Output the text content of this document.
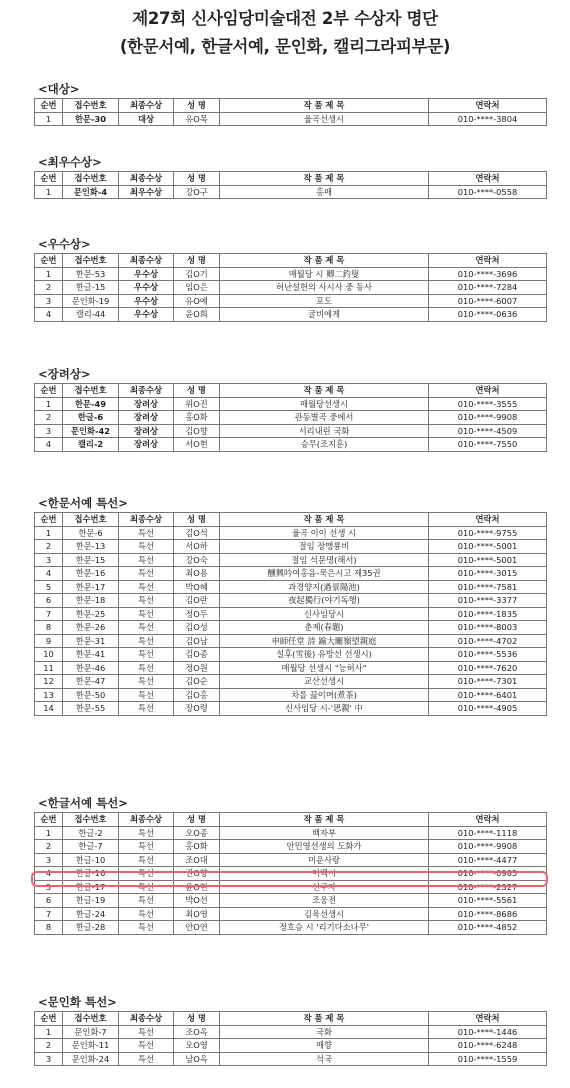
제27회 신사임당미술대전 2부 수상자 명단
(한문서예, 한글서예, 문인화, 캘리그라피부문)
<대상>
순번	접수번호	최종수상	성 명	작 품 제 목	연락처
1	한문-30	대상	유O목	율곡선생시	010-****-3804
<최우수상>
순번	접수번호	최종수상	성 명	작 품 제 목	연락처
1	문인화-4	최우수상	강O구	홍매	010-****-0558
<우수상>
순번	접수번호	최종수상	성 명	작 품 제 목	연락처
1	한문-53	우수상	김O기	매월당 시 卿二釣叟	010-****-3696
2	한글-15	우수상	임O은	허난설헌의 사시사 중 동사	010-****-7284
3	문인화-19	우수상	유O예	포도	010-****-6007
4	캘리-44	우수상	윤O희	굴비에게	010-****-0636
<장려상>
순번	접수번호	최종수상	성 명	작 품 제 목	연락처
1	한문-49	장려상	위O진	매월당선생시	010-****-3555
2	한글-6	장려상	홍O화	관동별곡 중에서	010-****-9908
3	문인화-42	장려상	김O향	서리내린 국화	010-****-4509
4	캘리-2	장려상	서O현	승무(조지훈)	010-****-7550
<한문서예 특선>
순번	접수번호	최종수상	성 명	작 품 제 목	연락처
1	한문-6	특선	김O석	율곡 이이 선생 시	010-****-9755
2	한문-13	특선	서O하	절임 장맹룡비	010-****-5001
3	한문-15	특선	강O숙	절임 석문명(해서)	010-****-5001
4	한문-16	특선	최O용	醺興吟여홍음-묵은시고 제35권	010-****-3015
5	한문-17	특선	박O혜	과경양지(過景陽池)	010-****-7581
6	한문-18	특선	김O란	夜起獨行(야기독행)	010-****-3377
7	한문-25	특선	정O두	신사임당시	010-****-1835
8	한문-26	특선	김O성	춘제(春題)	010-****-8003
9	한문-31	특선	김O남	申師任堂 詩 踰大關嶺望親庭	010-****-4702
10	한문-41	특선	김O종	설후(雪後) 유방선 선생시)	010-****-5536
11	한문-46	특선	정O원	매월당 선생시 "능허사"	010-****-7620
12	한문-47	특선	김O순	교산선생시	010-****-7301
13	한문-50	특선	김O홍	차를 끓이며(煮茶)	010-****-6401
14	한문-55	특선	장O령	신사임당 시-'思親' 中	010-****-4905
<한글서예 특선>
순번	접수번호	최종수상	성 명	작 품 제 목	연락처
1	한글-2	특선	오O종	백자부	010-****-1118
2	한글-7	특선	홍O화	안민영선생의 도화가	010-****-9908
3	한글-10	특선	조O대	미운사랑	010-****-4477
4	한글-16	특선	권O향	이백시	010-****-0985
5	한글-17	특선	윤O현	선구자	010-****-2327
6	한글-19	특선	박O선	조웅전	010-****-5561
7	한글-24	특선	최O영	김육선생시	010-****-8686
8	한글-28	특선	안O연	정호승 시 '리기다소나무'	010-****-4852
<문인화 특선>
순번	접수번호	최종수상	성 명	작 품 제 목	연락처
1	문인화-7	특선	조O옥	국화	010-****-1446
2	문인화-11	특선	오O영	매향	010-****-6248
3	문인화-24	특선	남O옥	석국	010-****-1559
